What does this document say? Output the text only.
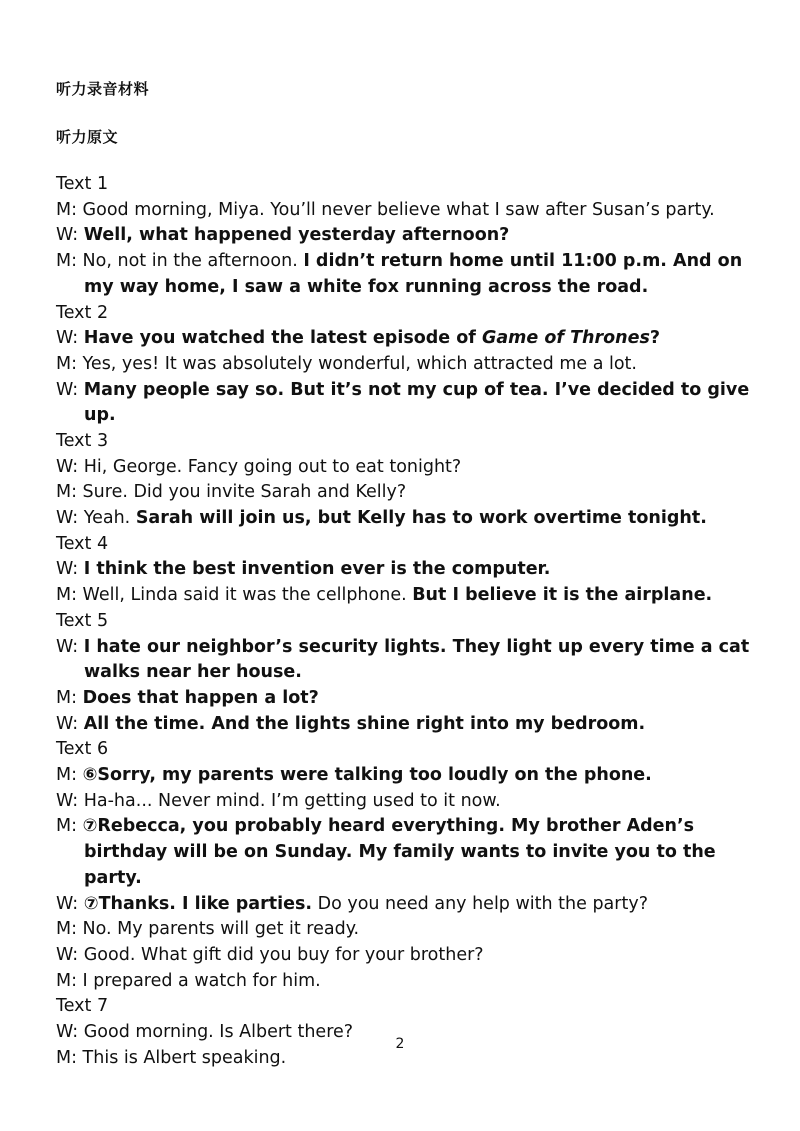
听力录音材料
听力原文
Text 1
M: Good morning, Miya. You’ll never believe what I saw after Susan’s party.
W: Well, what happened yesterday afternoon?
M: No, not in the afternoon. I didn’t return home until 11:00 p.m. And on my way home, I saw a white fox running across the road.
Text 2
W: Have you watched the latest episode of Game of Thrones?
M: Yes, yes! It was absolutely wonderful, which attracted me a lot.
W: Many people say so. But it’s not my cup of tea. I’ve decided to give up.
Text 3
W: Hi, George. Fancy going out to eat tonight?
M: Sure. Did you invite Sarah and Kelly?
W: Yeah. Sarah will join us, but Kelly has to work overtime tonight.
Text 4
W: I think the best invention ever is the computer.
M: Well, Linda said it was the cellphone. But I believe it is the airplane.
Text 5
W: I hate our neighbor’s security lights. They light up every time a cat walks near her house.
M: Does that happen a lot?
W: All the time. And the lights shine right into my bedroom.
Text 6
M: ⑥Sorry, my parents were talking too loudly on the phone.
W: Ha-ha... Never mind. I’m getting used to it now.
M: ⑦Rebecca, you probably heard everything. My brother Aden’s birthday will be on Sunday. My family wants to invite you to the party.
W: ⑦Thanks. I like parties. Do you need any help with the party?
M: No. My parents will get it ready.
W: Good. What gift did you buy for your brother?
M: I prepared a watch for him.
Text 7
W: Good morning. Is Albert there?
M: This is Albert speaking.
2
